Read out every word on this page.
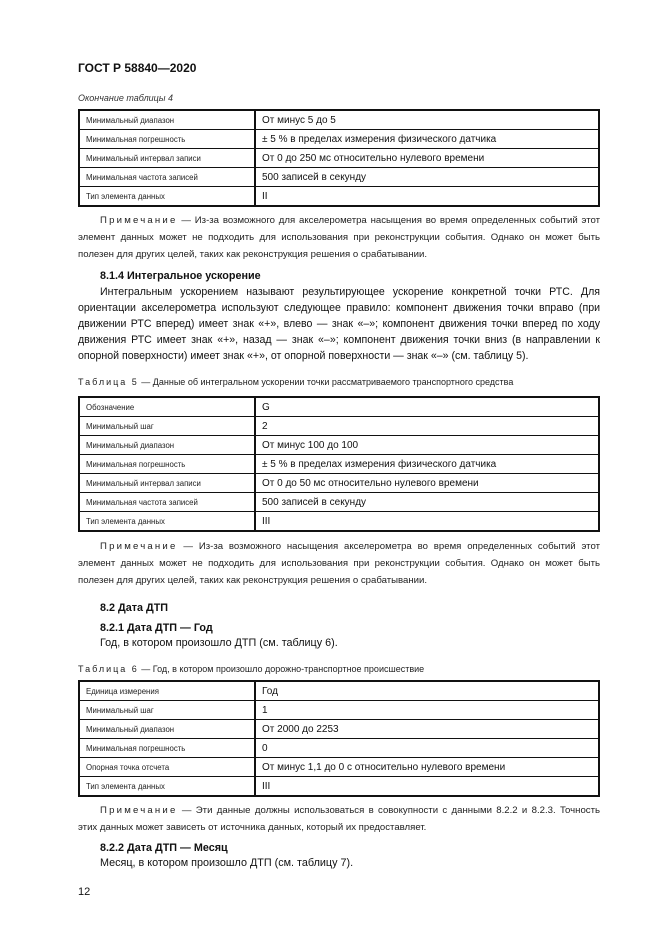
ГОСТ Р 58840—2020
Окончание таблицы 4
Минимальный диапазон	От минус 5 до 5
Минимальная погрешность	± 5 % в пределах измерения физического датчика
Минимальный интервал записи	От 0 до 250 мс относительно нулевого времени
Минимальная частота записей	500 записей в секунду
Тип элемента данных	II
Примечание — Из-за возможного для акселерометра насыщения во время определенных событий этот элемент данных может не подходить для использования при реконструкции события. Однако он может быть полезен для других целей, таких как реконструкция решения о срабатывании.
8.1.4 Интегральное ускорение
Интегральным ускорением называют результирующее ускорение конкретной точки РТС. Для ориентации акселерометра используют следующее правило: компонент движения точки вправо (при движении РТС вперед) имеет знак «+», влево — знак «–»; компонент движения точки вперед по ходу движения РТС имеет знак «+», назад — знак «–»; компонент движения точки вниз (в направлении к опорной поверхности) имеет знак «+», от опорной поверхности — знак «–» (см. таблицу 5).
Таблица 5 — Данные об интегральном ускорении точки рассматриваемого транспортного средства
Обозначение	G
Минимальный шаг	2
Минимальный диапазон	От минус 100 до 100
Минимальная погрешность	± 5 % в пределах измерения физического датчика
Минимальный интервал записи	От 0 до 50 мс относительно нулевого времени
Минимальная частота записей	500 записей в секунду
Тип элемента данных	III
Примечание — Из-за возможного насыщения акселерометра во время определенных событий этот элемент данных может не подходить для использования при реконструкции события. Однако он может быть полезен для других целей, таких как реконструкция решения о срабатывании.
8.2 Дата ДТП
8.2.1 Дата ДТП — Год
Год, в котором произошло ДТП (см. таблицу 6).
Таблица 6 — Год, в котором произошло дорожно-транспортное происшествие
Единица измерения	Год
Минимальный шаг	1
Минимальный диапазон	От 2000 до 2253
Минимальная погрешность	0
Опорная точка отсчета	От минус 1,1 до 0 с относительно нулевого времени
Тип элемента данных	III
Примечание — Эти данные должны использоваться в совокупности с данными 8.2.2 и 8.2.3. Точность этих данных может зависеть от источника данных, который их предоставляет.
8.2.2 Дата ДТП — Месяц
Месяц, в котором произошло ДТП (см. таблицу 7).
12
